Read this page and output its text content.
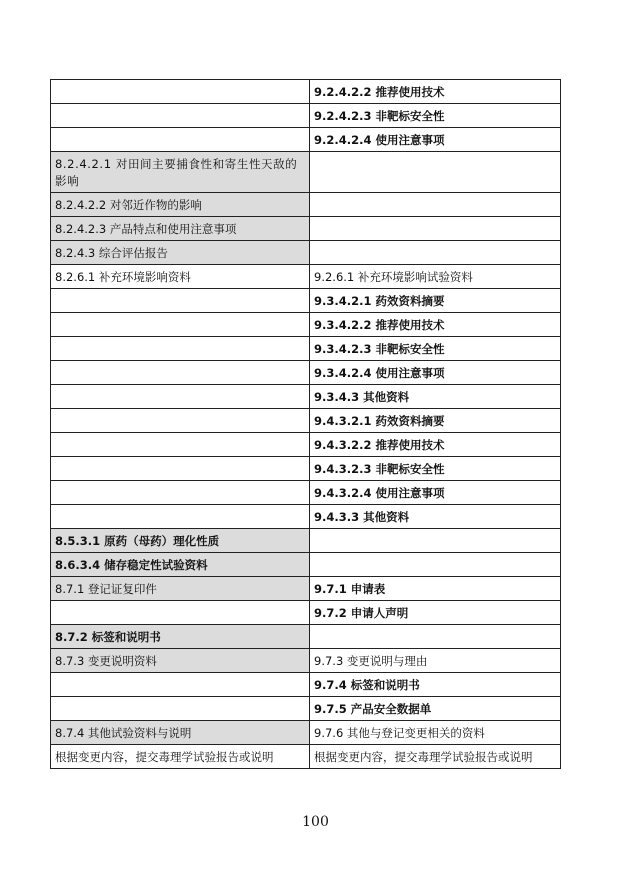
	9.2.4.2.2 推荐使用技术
	9.2.4.2.3 非靶标安全性
	9.2.4.2.4 使用注意事项
8.2.4.2.1 对田间主要捕食性和寄生性天敌的影响	
8.2.4.2.2 对邻近作物的影响	
8.2.4.2.3 产品特点和使用注意事项	
8.2.4.3 综合评估报告	
8.2.6.1 补充环境影响资料	9.2.6.1 补充环境影响试验资料
	9.3.4.2.1 药效资料摘要
	9.3.4.2.2 推荐使用技术
	9.3.4.2.3 非靶标安全性
	9.3.4.2.4 使用注意事项
	9.3.4.3 其他资料
	9.4.3.2.1 药效资料摘要
	9.4.3.2.2 推荐使用技术
	9.4.3.2.3 非靶标安全性
	9.4.3.2.4 使用注意事项
	9.4.3.3 其他资料
8.5.3.1 原药（母药）理化性质	
8.6.3.4 储存稳定性试验资料	
8.7.1 登记证复印件	9.7.1 申请表
	9.7.2 申请人声明
8.7.2 标签和说明书	
8.7.3 变更说明资料	9.7.3 变更说明与理由
	9.7.4 标签和说明书
	9.7.5 产品安全数据单
8.7.4 其他试验资料与说明	9.7.6 其他与登记变更相关的资料
根据变更内容，提交毒理学试验报告或说明	根据变更内容，提交毒理学试验报告或说明
100
